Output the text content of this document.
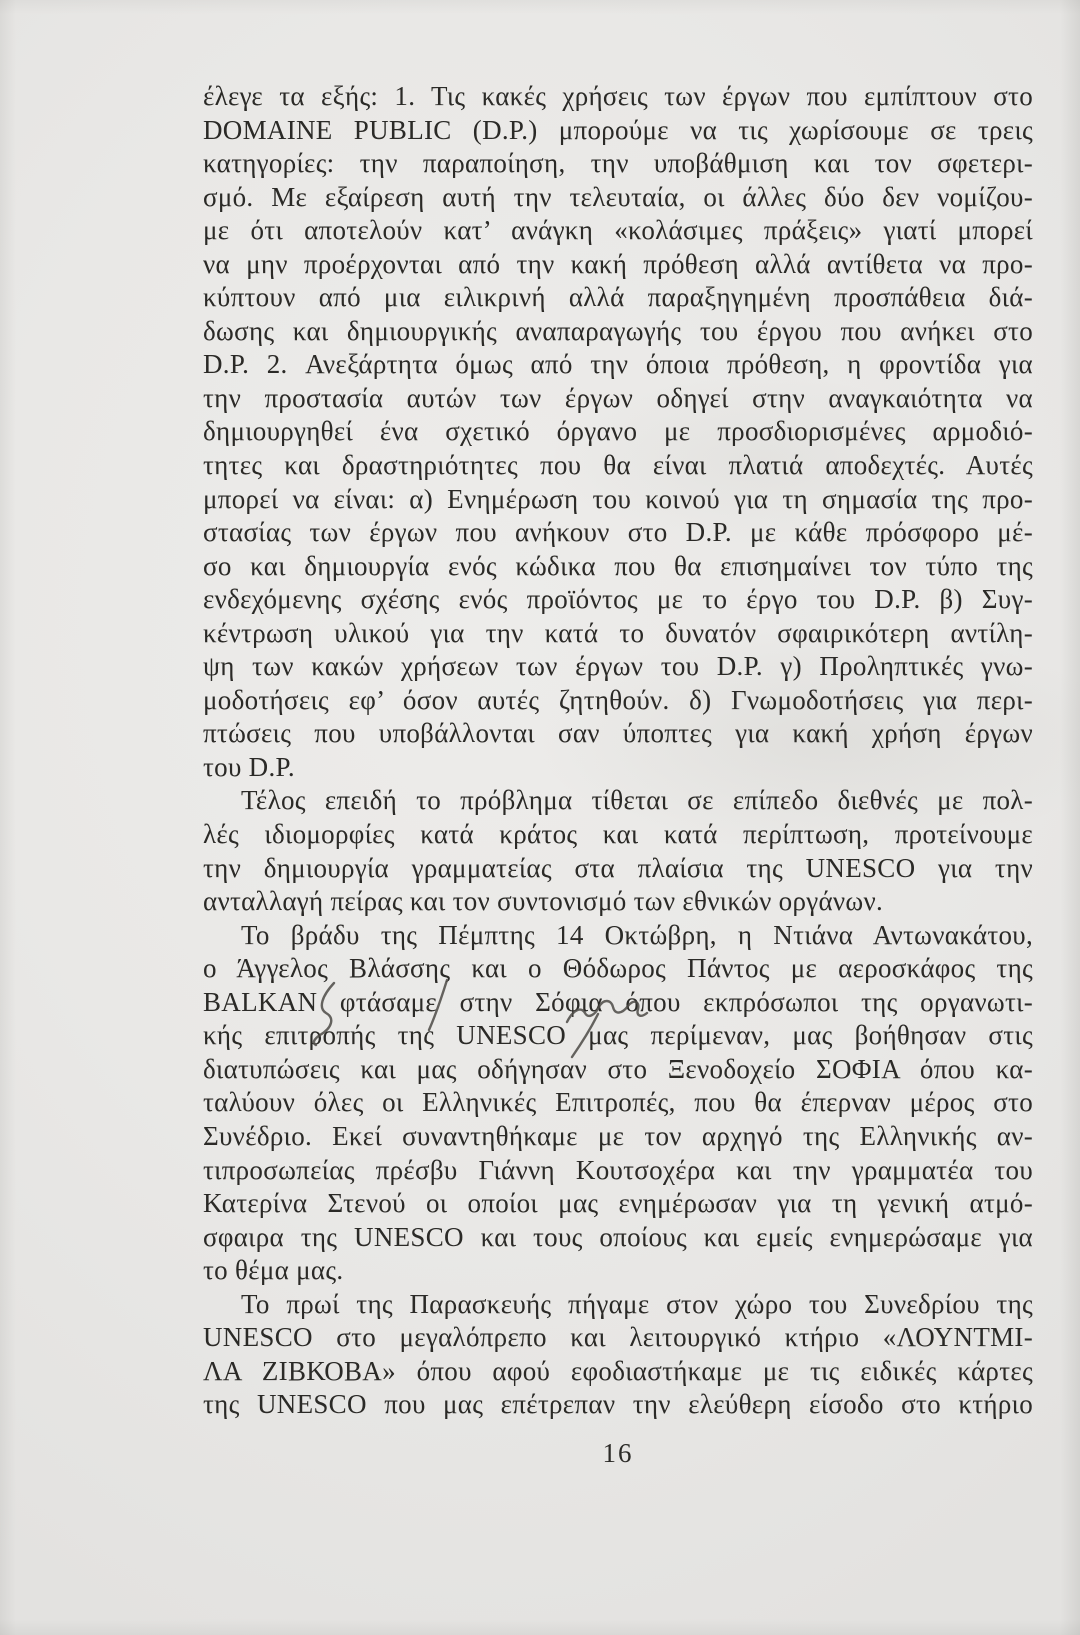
έλεγε τα εξής: 1. Τις κακές χρήσεις των έργων που εμπίπτουν στο
DOMAINE PUBLIC (D.P.) μπορούμε να τις χωρίσουμε σε τρεις
κατηγορίες: την παραποίηση, την υποβάθμιση και τον σφετερι-
σμό. Με εξαίρεση αυτή την τελευταία, οι άλλες δύο δεν νομίζου-
με ότι αποτελούν κατ’ ανάγκη «κολάσιμες πράξεις» γιατί μπορεί
να μην προέρχονται από την κακή πρόθεση αλλά αντίθετα να προ-
κύπτουν από μια ειλικρινή αλλά παραξηγημένη προσπάθεια διά-
δωσης και δημιουργικής αναπαραγωγής του έργου που ανήκει στο
D.P. 2. Ανεξάρτητα όμως από την όποια πρόθεση, η φροντίδα για
την προστασία αυτών των έργων οδηγεί στην αναγκαιότητα να
δημιουργηθεί ένα σχετικό όργανο με προσδιορισμένες αρμοδιό-
τητες και δραστηριότητες που θα είναι πλατιά αποδεχτές. Αυτές
μπορεί να είναι: α) Ενημέρωση του κοινού για τη σημασία της προ-
στασίας των έργων που ανήκουν στο D.P. με κάθε πρόσφορο μέ-
σο και δημιουργία ενός κώδικα που θα επισημαίνει τον τύπο της
ενδεχόμενης σχέσης ενός προϊόντος με το έργο του D.P. β) Συγ-
κέντρωση υλικού για την κατά το δυνατόν σφαιρικότερη αντίλη-
ψη των κακών χρήσεων των έργων του D.P. γ) Προληπτικές γνω-
μοδοτήσεις εφ’ όσον αυτές ζητηθούν. δ) Γνωμοδοτήσεις για περι-
πτώσεις που υποβάλλονται σαν ύποπτες για κακή χρήση έργων
του D.P.
Τέλος επειδή το πρόβλημα τίθεται σε επίπεδο διεθνές με πολ-
λές ιδιομορφίες κατά κράτος και κατά περίπτωση, προτείνουμε
την δημιουργία γραμματείας στα πλαίσια της UNESCO για την
ανταλλαγή πείρας και τον συντονισμό των εθνικών οργάνων.
Το βράδυ της Πέμπτης 14 Οκτώβρη, η Ντιάνα Αντωνακάτου,
ο Άγγελος Βλάσσης και ο Θόδωρος Πάντος με αεροσκάφος της
BALKAN φτάσαμε στην Σόφια όπου εκπρόσωποι της οργανωτι-
κής επιτροπής της UNESCO μας περίμεναν, μας βοήθησαν στις
διατυπώσεις και μας οδήγησαν στο Ξενοδοχείο ΣΟΦΙΑ όπου κα-
ταλύουν όλες οι Ελληνικές Επιτροπές, που θα έπερναν μέρος στο
Συνέδριο. Εκεί συναντηθήκαμε με τον αρχηγό της Ελληνικής αν-
τιπροσωπείας πρέσβυ Γιάννη Κουτσοχέρα και την γραμματέα του
Κατερίνα Στενού οι οποίοι μας ενημέρωσαν για τη γενική ατμό-
σφαιρα της UNESCO και τους οποίους και εμείς ενημερώσαμε για
το θέμα μας.
Το πρωί της Παρασκευής πήγαμε στον χώρο του Συνεδρίου της
UNESCO στο μεγαλόπρεπο και λειτουργικό κτήριο «ΛΟΥΝΤΜΙ-
ΛΑ ΖΙΒΚΟΒΑ» όπου αφού εφοδιαστήκαμε με τις ειδικές κάρτες
της UNESCO που μας επέτρεπαν την ελεύθερη είσοδο στο κτήριο
16
